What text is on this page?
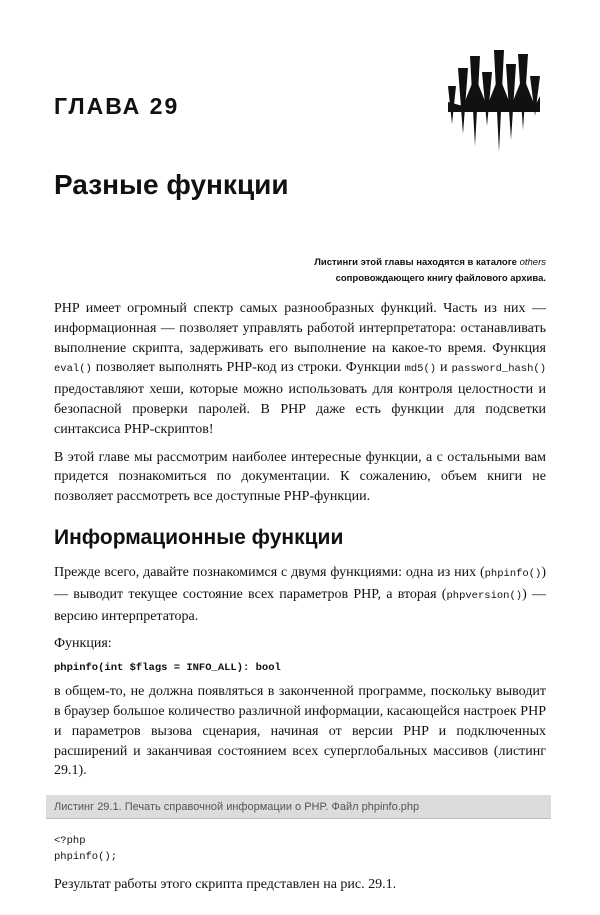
ГЛАВА 29
Разные функции
Листинги этой главы находятся в каталоге others
сопровождающего книгу файлового архива.

PHP имеет огромный спектр самых разнообразных функций. Часть из них — информационная — позволяет управлять работой интерпретатора: останавливать выполнение скрипта, задерживать его выполнение на какое-то время. Функция eval() позволяет выполнять PHP-код из строки. Функции md5() и password_hash() предоставляют хеши, которые можно использовать для контроля целостности и безопасной проверки паролей. В PHP даже есть функции для подсветки синтаксиса PHP-скриптов!

В этой главе мы рассмотрим наиболее интересные функции, а с остальными вам придется познакомиться по документации. К сожалению, объем книги не позволяет рассмотреть все доступные PHP-функции.

Информационные функции

Прежде всего, давайте познакомимся с двумя функциями: одна из них (phpinfo()) — выводит текущее состояние всех параметров PHP, а вторая (phpversion()) — версию интерпретатора.

Функция:

phpinfo(int $flags = INFO_ALL): bool

в общем-то, не должна появляться в законченной программе, поскольку выводит в браузер большое количество различной информации, касающейся настроек PHP и параметров вызова сценария, начиная от версии PHP и подключенных расширений и заканчивая состоянием всех суперглобальных массивов (листинг 29.1).

Листинг 29.1. Печать справочной информации о PHP. Файл phpinfo.php
<?php
phpinfo();

Результат работы этого скрипта представлен на рис. 29.1.
